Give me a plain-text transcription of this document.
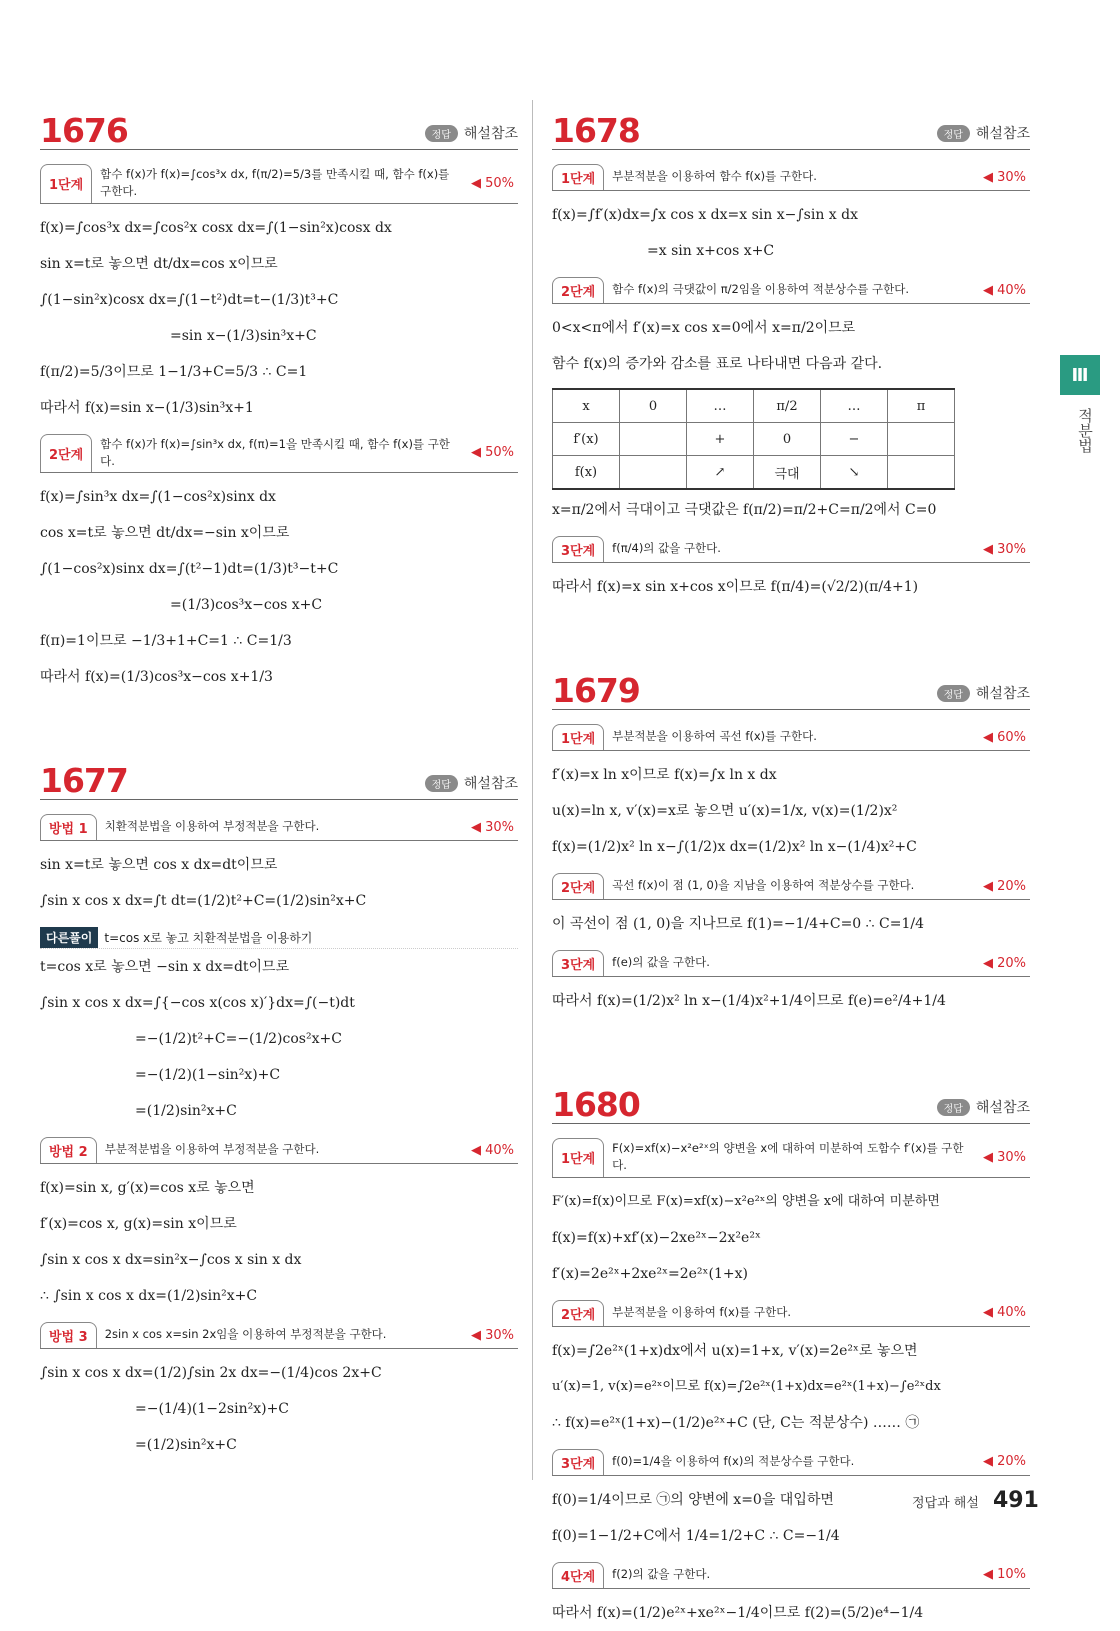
1676	정답 해설참조
1단계
함수 f(x)가 f(x)=∫cos³x dx, f(π/2)=5/3를 만족시킬 때, 함수 f(x)를 구한다.
◀ 50%
f(x)=∫cos³x dx=∫cos²x cosx dx=∫(1−sin²x)cosx dx
sin x=t로 놓으면 dt/dx=cos x이므로
∫(1−sin²x)cosx dx=∫(1−t²)dt=t−(1/3)t³+C
=sin x−(1/3)sin³x+C
f(π/2)=5/3이므로 1−1/3+C=5/3 ∴ C=1
따라서 f(x)=sin x−(1/3)sin³x+1
2단계
함수 f(x)가 f(x)=∫sin³x dx, f(π)=1을 만족시킬 때, 함수 f(x)를 구한다.
◀ 50%
f(x)=∫sin³x dx=∫(1−cos²x)sinx dx
cos x=t로 놓으면 dt/dx=−sin x이므로
∫(1−cos²x)sinx dx=∫(t²−1)dt=(1/3)t³−t+C
=(1/3)cos³x−cos x+C
f(π)=1이므로 −1/3+1+C=1 ∴ C=1/3
따라서 f(x)=(1/3)cos³x−cos x+1/3
1677	정답 해설참조
방법 1	치환적분법을 이용하여 부정적분을 구한다.	◀ 30%
sin x=t로 놓으면 cos x dx=dt이므로
∫sin x cos x dx=∫t dt=(1/2)t²+C=(1/2)sin²x+C
다른풀이	t=cos x로 놓고 치환적분법을 이용하기
t=cos x로 놓으면 −sin x dx=dt이므로
∫sin x cos x dx=∫{−cos x(cos x)′}dx=∫(−t)dt
=−(1/2)t²+C=−(1/2)cos²x+C
=−(1/2)(1−sin²x)+C
=(1/2)sin²x+C
방법 2	부분적분법을 이용하여 부정적분을 구한다.	◀ 40%
f(x)=sin x, g′(x)=cos x로 놓으면
f′(x)=cos x, g(x)=sin x이므로
∫sin x cos x dx=sin²x−∫cos x sin x dx
∴ ∫sin x cos x dx=(1/2)sin²x+C
방법 3	2sin x cos x=sin 2x임을 이용하여 부정적분을 구한다.	◀ 30%
∫sin x cos x dx=(1/2)∫sin 2x dx=−(1/4)cos 2x+C
=−(1/4)(1−2sin²x)+C
=(1/2)sin²x+C
1678	정답 해설참조
1단계	부분적분을 이용하여 함수 f(x)를 구한다.	◀ 30%
f(x)=∫f′(x)dx=∫x cos x dx=x sin x−∫sin x dx
=x sin x+cos x+C
2단계	함수 f(x)의 극댓값이 π/2임을 이용하여 적분상수를 구한다.	◀ 40%
0<x<π에서 f′(x)=x cos x=0에서 x=π/2이므로
함수 f(x)의 증가와 감소를 표로 나타내면 다음과 같다.
x	0	…	π/2	…	π
f′(x)		+	0	−	
f(x)		↗	극대	↘	
x=π/2에서 극대이고 극댓값은 f(π/2)=π/2+C=π/2에서 C=0
3단계	f(π/4)의 값을 구한다.	◀ 30%
따라서 f(x)=x sin x+cos x이므로 f(π/4)=(√2/2)(π/4+1)
1679	정답 해설참조
1단계	부분적분을 이용하여 곡선 f(x)를 구한다.	◀ 60%
f′(x)=x ln x이므로 f(x)=∫x ln x dx
u(x)=ln x, v′(x)=x로 놓으면 u′(x)=1/x, v(x)=(1/2)x²
f(x)=(1/2)x² ln x−∫(1/2)x dx=(1/2)x² ln x−(1/4)x²+C
2단계	곡선 f(x)이 점 (1, 0)을 지남을 이용하여 적분상수를 구한다.	◀ 20%
이 곡선이 점 (1, 0)을 지나므로 f(1)=−1/4+C=0 ∴ C=1/4
3단계	f(e)의 값을 구한다.	◀ 20%
따라서 f(x)=(1/2)x² ln x−(1/4)x²+1/4이므로 f(e)=e²/4+1/4
1680	정답 해설참조
1단계
F(x)=xf(x)−x²e²ˣ의 양변을 x에 대하여 미분하여 도함수 f′(x)를 구한다.
◀ 30%
F′(x)=f(x)이므로 F(x)=xf(x)−x²e²ˣ의 양변을 x에 대하여 미분하면
f(x)=f(x)+xf′(x)−2xe²ˣ−2x²e²ˣ
f′(x)=2e²ˣ+2xe²ˣ=2e²ˣ(1+x)
2단계	부분적분을 이용하여 f(x)를 구한다.	◀ 40%
f(x)=∫2e²ˣ(1+x)dx에서 u(x)=1+x, v′(x)=2e²ˣ로 놓으면
u′(x)=1, v(x)=e²ˣ이므로 f(x)=∫2e²ˣ(1+x)dx=e²ˣ(1+x)−∫e²ˣdx
∴ f(x)=e²ˣ(1+x)−(1/2)e²ˣ+C (단, C는 적분상수) …… ㉠
3단계	f(0)=1/4을 이용하여 f(x)의 적분상수를 구한다.	◀ 20%
f(0)=1/4이므로 ㉠의 양변에 x=0을 대입하면
f(0)=1−1/2+C에서 1/4=1/2+C ∴ C=−1/4
4단계	f(2)의 값을 구한다.	◀ 10%
따라서 f(x)=(1/2)e²ˣ+xe²ˣ−1/4이므로 f(2)=(5/2)e⁴−1/4
Ⅲ
적분법
정답과 해설 491
